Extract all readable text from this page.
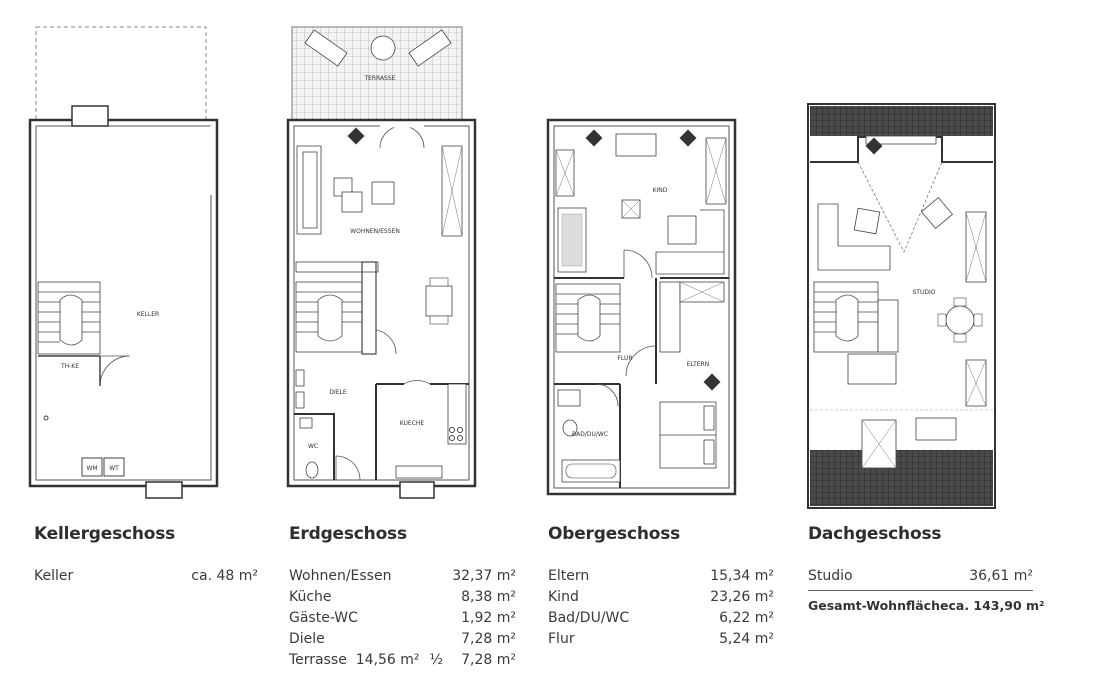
KELLER
TH-KE
WM WT
TERRASSE
WOHNEN/ESSEN
DIELE
KUECHE
WC
KIND
FLUR
ELTERN
BAD/DU/WC
STUDIO
Kellergeschoss
Keller	ca. 48 m²
Erdgeschoss
Wohnen/Essen	32,37 m²
Küche	8,38 m²
Gäste-WC	1,92 m²
Diele	7,28 m²
Terrasse 14,56 m² ½	7,28 m²
Obergeschoss
Eltern	15,34 m²
Kind	23,26 m²
Bad/DU/WC	6,22 m²
Flur	5,24 m²
Dachgeschoss
Studio	36,61 m²
Gesamt-Wohnfläche ca. 143,90 m²
